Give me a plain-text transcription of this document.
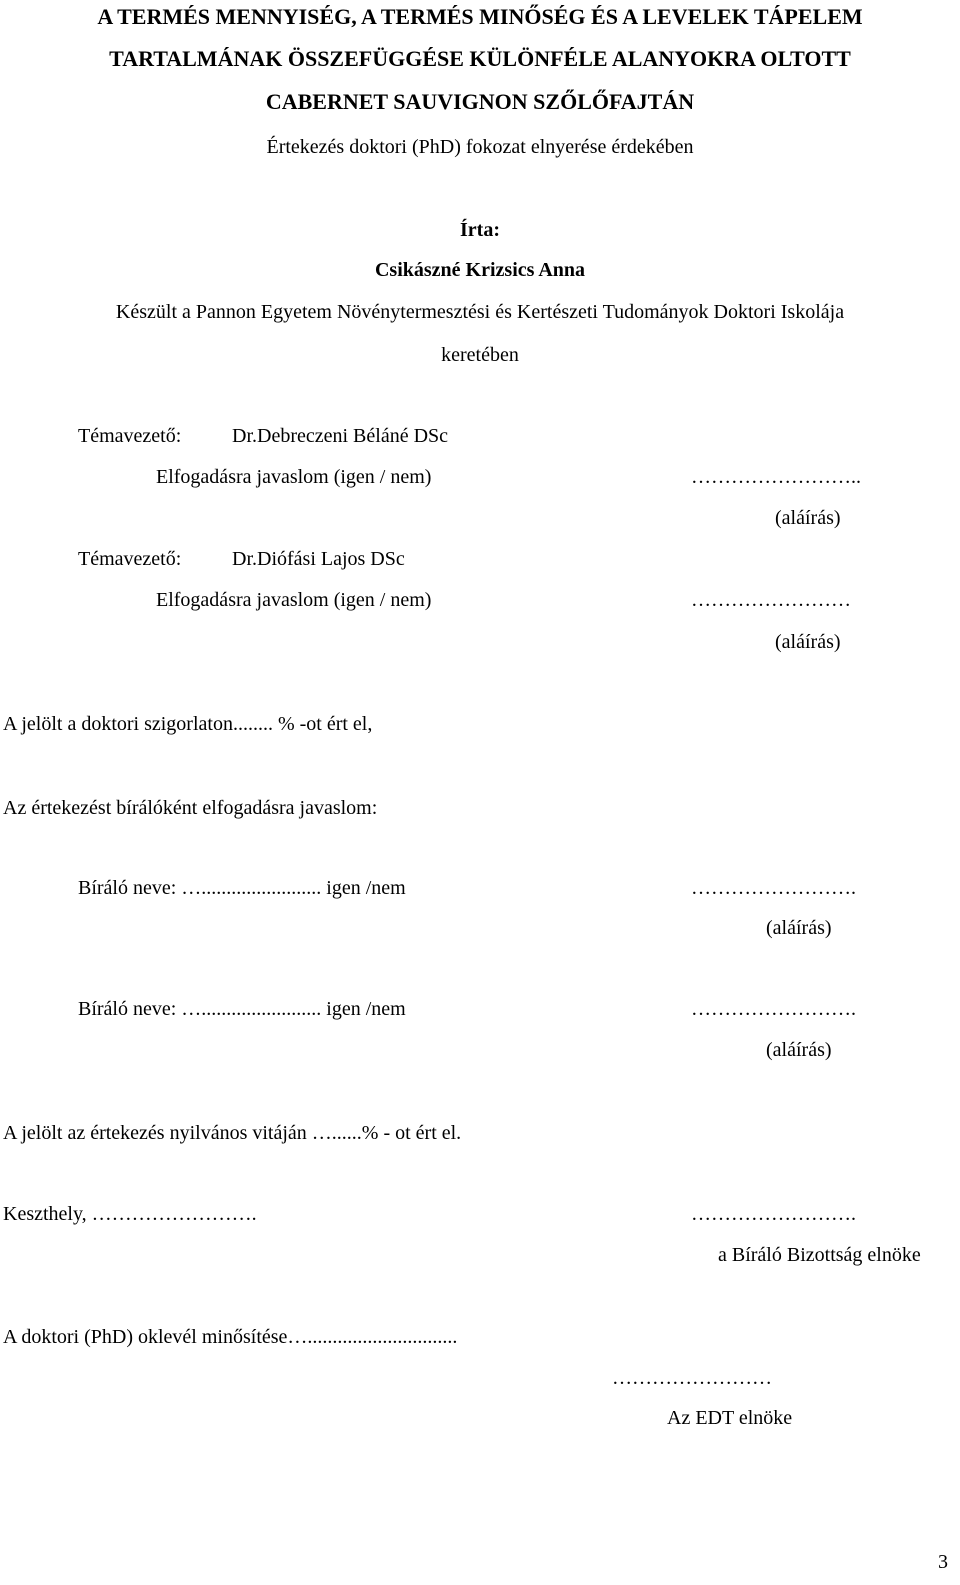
A TERMÉS MENNYISÉG, A TERMÉS MINŐSÉG ÉS A LEVELEK TÁPELEM
TARTALMÁNAK ÖSSZEFÜGGÉSE KÜLÖNFÉLE ALANYOKRA OLTOTT
CABERNET SAUVIGNON SZŐLŐFAJTÁN
Értekezés doktori (PhD) fokozat elnyerése érdekében
Írta:
Csikászné Krizsics Anna
Készült a Pannon Egyetem Növénytermesztési és Kertészeti Tudományok Doktori Iskolája
keretében
Témavezető:	Dr.Debreczeni Béláné DSc
Elfogadásra javaslom (igen / nem)	……………………..
(aláírás)
Témavezető:	Dr.Diófási Lajos DSc
Elfogadásra javaslom (igen / nem)	……………………
(aláírás)
A jelölt a doktori szigorlaton........ % -ot ért el,
Az értekezést bírálóként elfogadásra javaslom:
Bíráló neve: …........................ igen /nem	…………………….
(aláírás)
Bíráló neve: …........................ igen /nem	…………………….
(aláírás)
A jelölt az értekezés nyilvános vitáján …......% - ot ért el.
Keszthely, …………………….	…………………….
a Bíráló Bizottság elnöke
A doktori (PhD) oklevél minősítése…..............................
……………………
Az EDT elnöke
3
